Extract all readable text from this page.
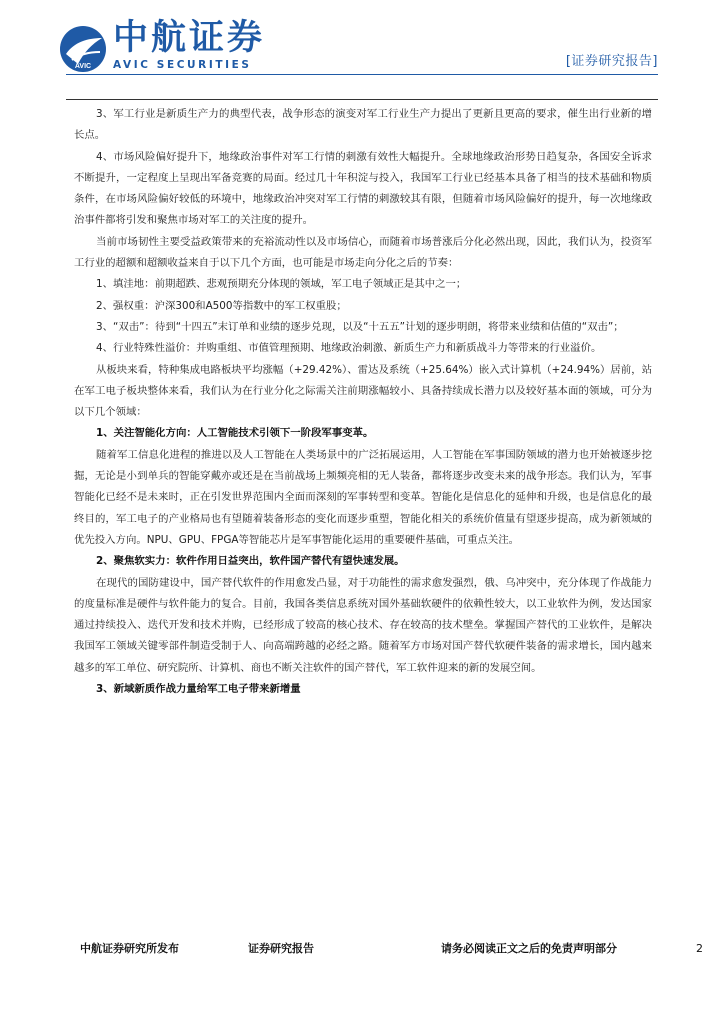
AVIC
中航证券
AVIC SECURITIES	[证券研究报告]

3、军工行业是新质生产力的典型代表，战争形态的演变对军工行业生产力提出了更新且更高的要求，催生出行业新的增长点。

4、市场风险偏好提升下，地缘政治事件对军工行情的刺激有效性大幅提升。全球地缘政治形势日趋复杂，各国安全诉求不断提升，一定程度上呈现出军备竞赛的局面。经过几十年积淀与投入，我国军工行业已经基本具备了相当的技术基础和物质条件，在市场风险偏好较低的环境中，地缘政治冲突对军工行情的刺激较其有限，但随着市场风险偏好的提升，每一次地缘政治事件都将引发和聚焦市场对军工的关注度的提升。

当前市场韧性主要受益政策带来的充裕流动性以及市场信心，而随着市场普涨后分化必然出现，因此，我们认为，投资军工行业的超额和超额收益来自于以下几个方面，也可能是市场走向分化之后的节奏：

1、填洼地：前期超跌、悲观预期充分体现的领域，军工电子领域正是其中之一；

2、强权重：沪深300和A500等指数中的军工权重股；

3、“双击”：待到“十四五”末订单和业绩的逐步兑现，以及“十五五”计划的逐步明朗，将带来业绩和估值的“双击”；

4、行业特殊性溢价：并购重组、市值管理预期、地缘政治刺激、新质生产力和新质战斗力等带来的行业溢价。

从板块来看，特种集成电路板块平均涨幅（+29.42%）、雷达及系统（+25.64%）嵌入式计算机（+24.94%）居前，站在军工电子板块整体来看，我们认为在行业分化之际需关注前期涨幅较小、具备持续成长潜力以及较好基本面的领域，可分为以下几个领域：

1、关注智能化方向：人工智能技术引领下一阶段军事变革。

随着军工信息化进程的推进以及人工智能在人类场景中的广泛拓展运用，人工智能在军事国防领域的潜力也开始被逐步挖掘，无论是小到单兵的智能穿戴亦或还是在当前战场上频频亮相的无人装备，都将逐步改变未来的战争形态。我们认为，军事智能化已经不是未来时，正在引发世界范围内全面而深刻的军事转型和变革。智能化是信息化的延伸和升级，也是信息化的最终目的，军工电子的产业格局也有望随着装备形态的变化而逐步重塑，智能化相关的系统价值量有望逐步提高，成为新领域的优先投入方向。NPU、GPU、FPGA等智能芯片是军事智能化运用的重要硬件基础，可重点关注。

2、聚焦软实力：软件作用日益突出，软件国产替代有望快速发展。

在现代的国防建设中，国产替代软件的作用愈发凸显，对于功能性的需求愈发强烈，俄、乌冲突中，充分体现了作战能力的度量标准是硬件与软件能力的复合。目前，我国各类信息系统对国外基础软硬件的依赖性较大，以工业软件为例，发达国家通过持续投入、迭代开发和技术并购，已经形成了较高的核心技术、存在较高的技术壁垒。掌握国产替代的工业软件，是解决我国军工领域关键零部件制造受制于人、向高端跨越的必经之路。随着军方市场对国产替代软硬件装备的需求增长，国内越来越多的军工单位、研究院所、计算机、商也不断关注软件的国产替代，军工软件迎来的新的发展空间。

3、新域新质作战力量给军工电子带来新增量

中航证券研究所发布	证券研究报告	请务必阅读正文之后的免责声明部分	2
